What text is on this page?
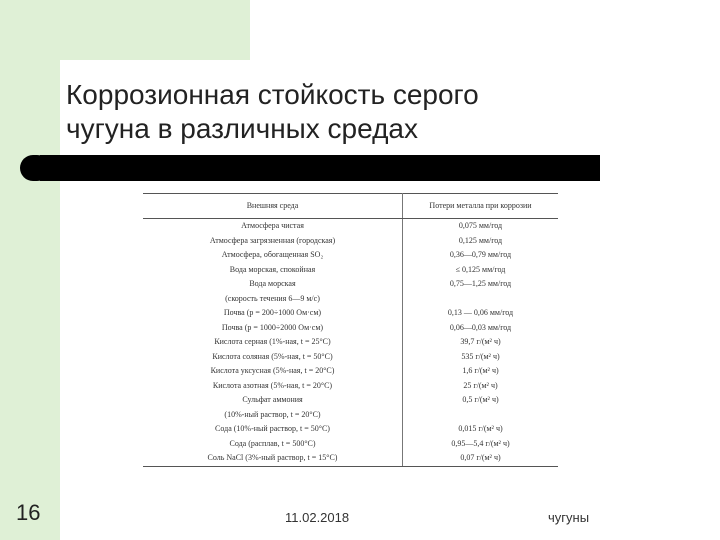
Коррозионная стойкость серого
чугуна в различных средах
Внешняя среда	Потери металла при коррозии
Атмосфера чистая	0,075 мм/год
Атмосфера загрязненная (городская)	0,125 мм/год
Атмосфера, обогащенная SO₂	0,36—0,79 мм/год
Вода морская, спокойная	≤ 0,125 мм/год
Вода морская	0,75—1,25 мм/год
(скорость течения 6—9 м/с)	
Почва (p = 200÷1000 Ом·см)	0,13 — 0,06 мм/год
Почва (p = 1000÷2000 Ом·см)	0,06—0,03 мм/год
Кислота серная (1%-ная, t = 25°C)	39,7 г/(м² ч)
Кислота соляная (5%-ная, t = 50°C)	535 г/(м² ч)
Кислота уксусная (5%-ная, t = 20°C)	1,6 г/(м² ч)
Кислота азотная (5%-ная, t = 20°C)	25 г/(м² ч)
Сульфат аммония	0,5 г/(м² ч)
(10%-ный раствор, t = 20°C)	
Сода (10%-ный раствор, t = 50°C)	0,015 г/(м² ч)
Сода (расплав, t = 500°C)	0,95—5,4 г/(м² ч)
Соль NaCl (3%-ный раствор, t = 15°C)	0,07 г/(м² ч)
16	11.02.2018	чугуны
